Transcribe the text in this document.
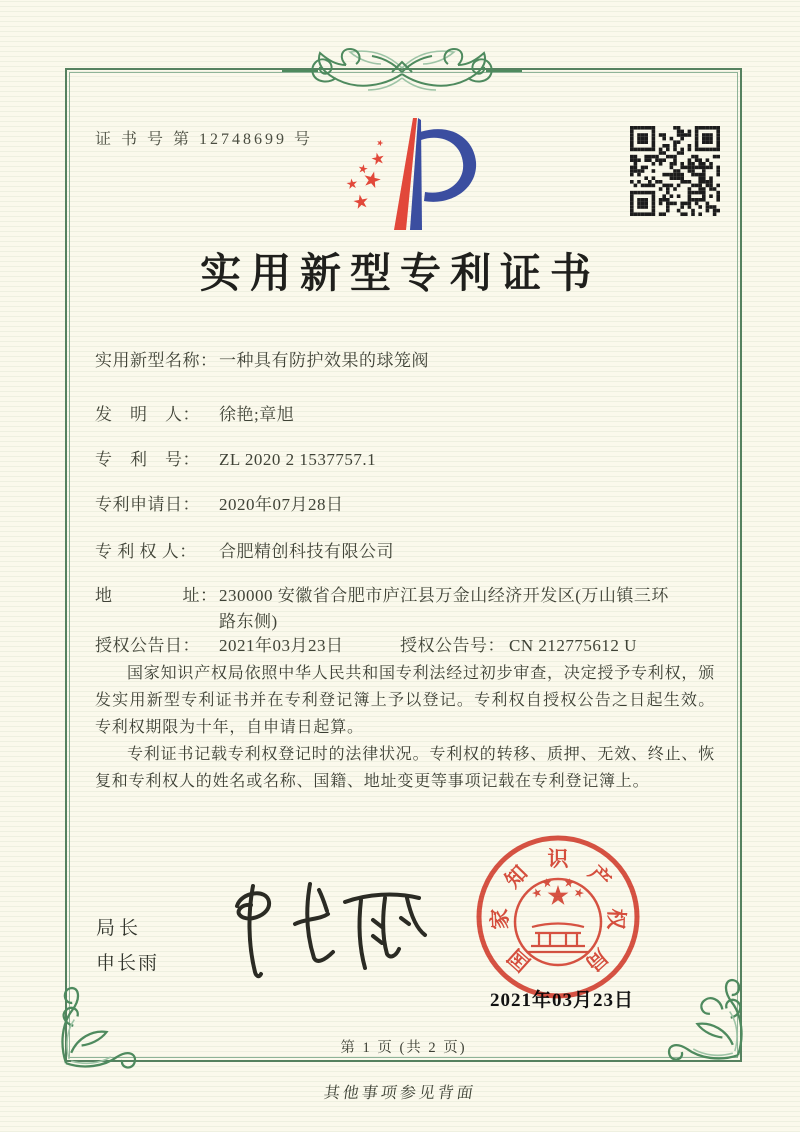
证 书 号 第 12748699 号
实用新型专利证书
实用新型名称： 一种具有防护效果的球笼阀
发　明　人：	徐艳;章旭
专　利　号：	ZL 2020 2 1537757.1
专利申请日：	2020年07月28日
专 利 权 人：	合肥精创科技有限公司
地　　　　址： 230000 安徽省合肥市庐江县万金山经济开发区(万山镇三环路东侧)
授权公告日：	2021年03月23日	授权公告号： CN 212775612 U

国家知识产权局依照中华人民共和国专利法经过初步审查，决定授予专利权，颁发实用新型专利证书并在专利登记簿上予以登记。专利权自授权公告之日起生效。专利权期限为十年，自申请日起算。

专利证书记载专利权登记时的法律状况。专利权的转移、质押、无效、终止、恢复和专利权人的姓名或名称、国籍、地址变更等事项记载在专利登记簿上。

局长
申长雨
2021年03月23日
国
家
知
识
产
权
局
第 1 页 (共 2 页)
其他事项参见背面
